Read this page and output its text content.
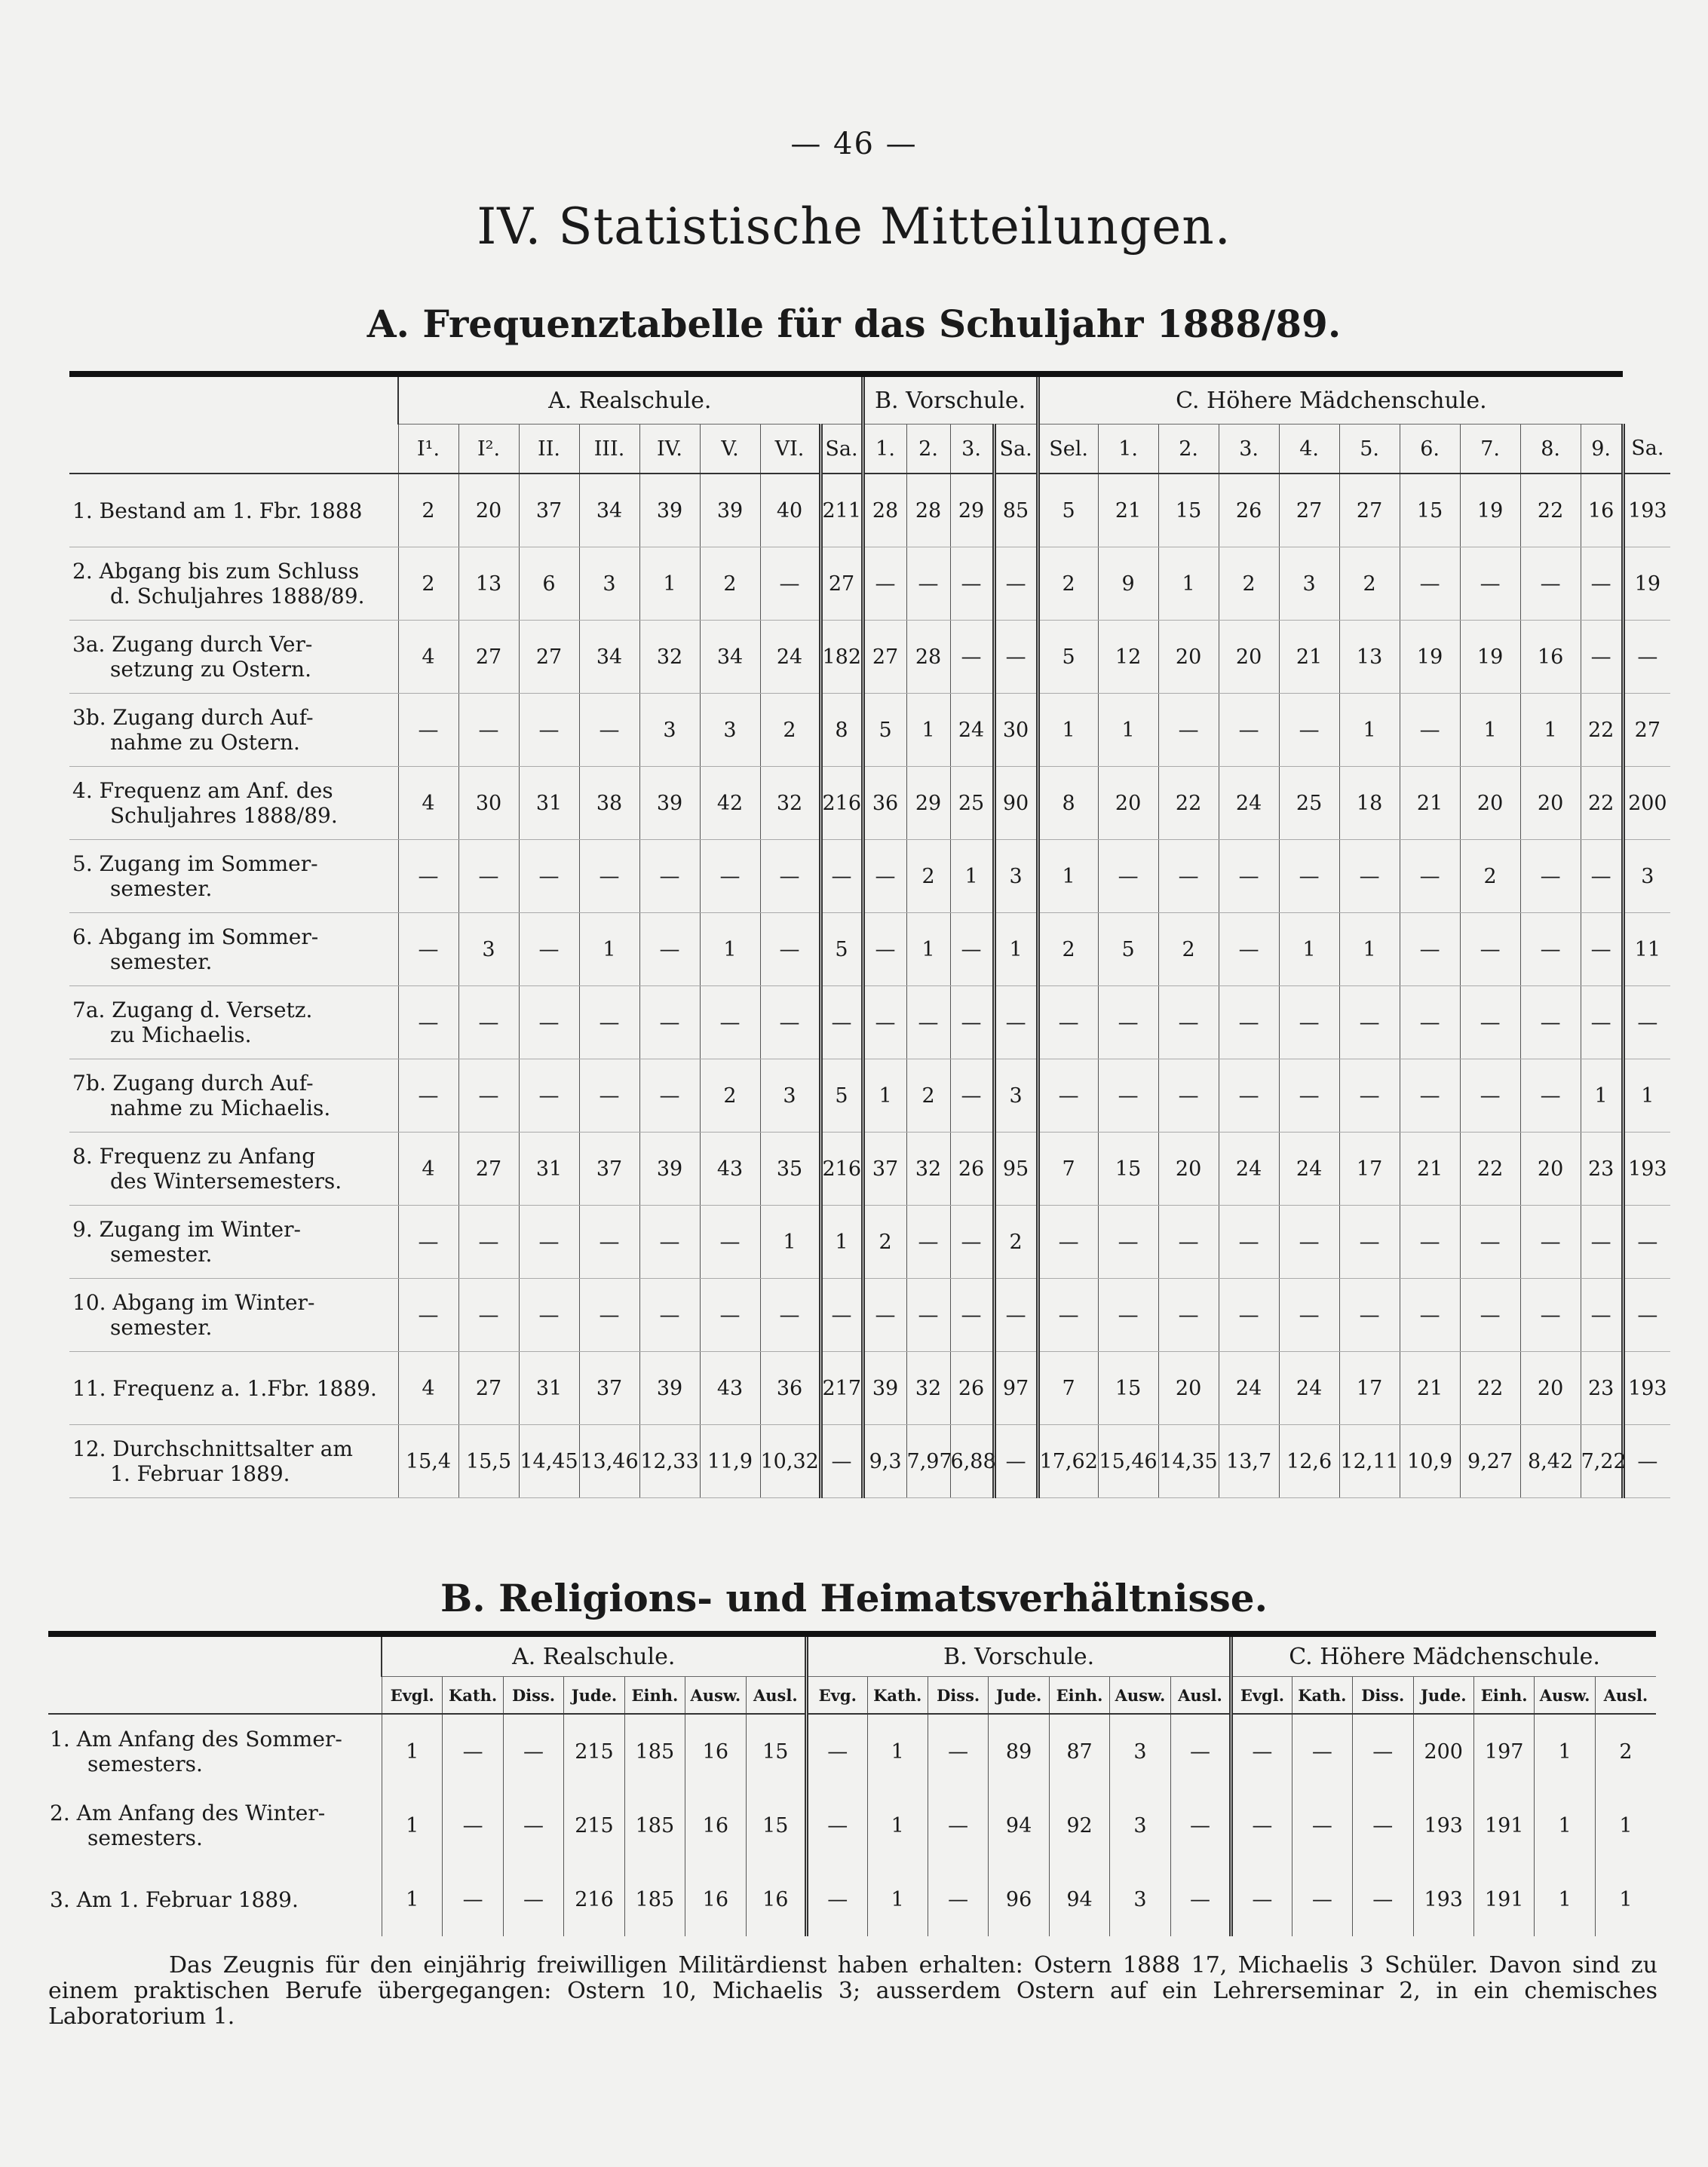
— 46 —
IV. Statistische Mitteilungen.
A. Frequenztabelle für das Schuljahr 1888/89.
	A. Realschule.								B. Vorschule.				C. Höhere Mädchenschule.										
	I¹.	I².	II.	III.	IV.	V.	VI.	Sa.	1.	2.	3.	Sa.	Sel.	1.	2.	3.	4.	5.	6.	7.	8.	9.	Sa.
1. Bestand am 1. Fbr. 1888	2	20	37	34	39	39	40	211	28	28	29	85	5	21	15	26	27	27	15	19	22	16	193
2. Abgang bis zum Schluss
d. Schuljahres 1888/89.	2	13	6	3	1	2	—	27	—	—	—	—	2	9	1	2	3	2	—	—	—	—	19
3a. Zugang durch Ver-
setzung zu Ostern.	4	27	27	34	32	34	24	182	27	28	—	—	5	12	20	20	21	13	19	19	16	—	—
3b. Zugang durch Auf-
nahme zu Ostern.	—	—	—	—	3	3	2	8	5	1	24	30	1	1	—	—	—	1	—	1	1	22	27
4. Frequenz am Anf. des
Schuljahres 1888/89.	4	30	31	38	39	42	32	216	36	29	25	90	8	20	22	24	25	18	21	20	20	22	200
5. Zugang im Sommer-
semester.	—	—	—	—	—	—	—	—	—	2	1	3	1	—	—	—	—	—	—	2	—	—	3
6. Abgang im Sommer-
semester.	—	3	—	1	—	1	—	5	—	1	—	1	2	5	2	—	1	1	—	—	—	—	11
7a. Zugang d. Versetz.
zu Michaelis.	—	—	—	—	—	—	—	—	—	—	—	—	—	—	—	—	—	—	—	—	—	—	—
7b. Zugang durch Auf-
nahme zu Michaelis.	—	—	—	—	—	2	3	5	1	2	—	3	—	—	—	—	—	—	—	—	—	1	1
8. Frequenz zu Anfang
des Wintersemesters.	4	27	31	37	39	43	35	216	37	32	26	95	7	15	20	24	24	17	21	22	20	23	193
9. Zugang im Winter-
semester.	—	—	—	—	—	—	1	1	2	—	—	2	—	—	—	—	—	—	—	—	—	—	—
10. Abgang im Winter-
semester.	—	—	—	—	—	—	—	—	—	—	—	—	—	—	—	—	—	—	—	—	—	—	—
11. Frequenz a. 1.Fbr. 1889.	4	27	31	37	39	43	36	217	39	32	26	97	7	15	20	24	24	17	21	22	20	23	193
12. Durchschnittsalter am
1. Februar 1889.	15,4	15,5	14,45	13,46	12,33	11,9	10,32	—	9,3	7,97	6,88	—	17,62	15,46	14,35	13,7	12,6	12,11	10,9	9,27	8,42	7,22	—
B. Religions- und Heimatsverhältnisse.
	A. Realschule.							B. Vorschule.							C. Höhere Mädchenschule.						
	Evgl.	Kath.	Diss.	Jude.	Einh.	Ausw.	Ausl.	Evg.	Kath.	Diss.	Jude.	Einh.	Ausw.	Ausl.	Evgl.	Kath.	Diss.	Jude.	Einh.	Ausw.	Ausl.
1. Am Anfang des Sommer-
semesters.	1	—	—	215	185	16	15	—	1	—	89	87	3	—	—	—	—	200	197	1	2
2. Am Anfang des Winter-
semesters.	1	—	—	215	185	16	15	—	1	—	94	92	3	—	—	—	—	193	191	1	1
3. Am 1. Februar 1889.	1	—	—	216	185	16	16	—	1	—	96	94	3	—	—	—	—	193	191	1	1

Das Zeugnis für den einjährig freiwilligen Militärdienst haben erhalten: Ostern 1888 17, Michaelis 3 Schüler. Davon sind zu einem praktischen Berufe übergegangen: Ostern 10, Michaelis 3; ausserdem Ostern auf ein Lehrerseminar 2, in ein chemisches Laboratorium 1.
